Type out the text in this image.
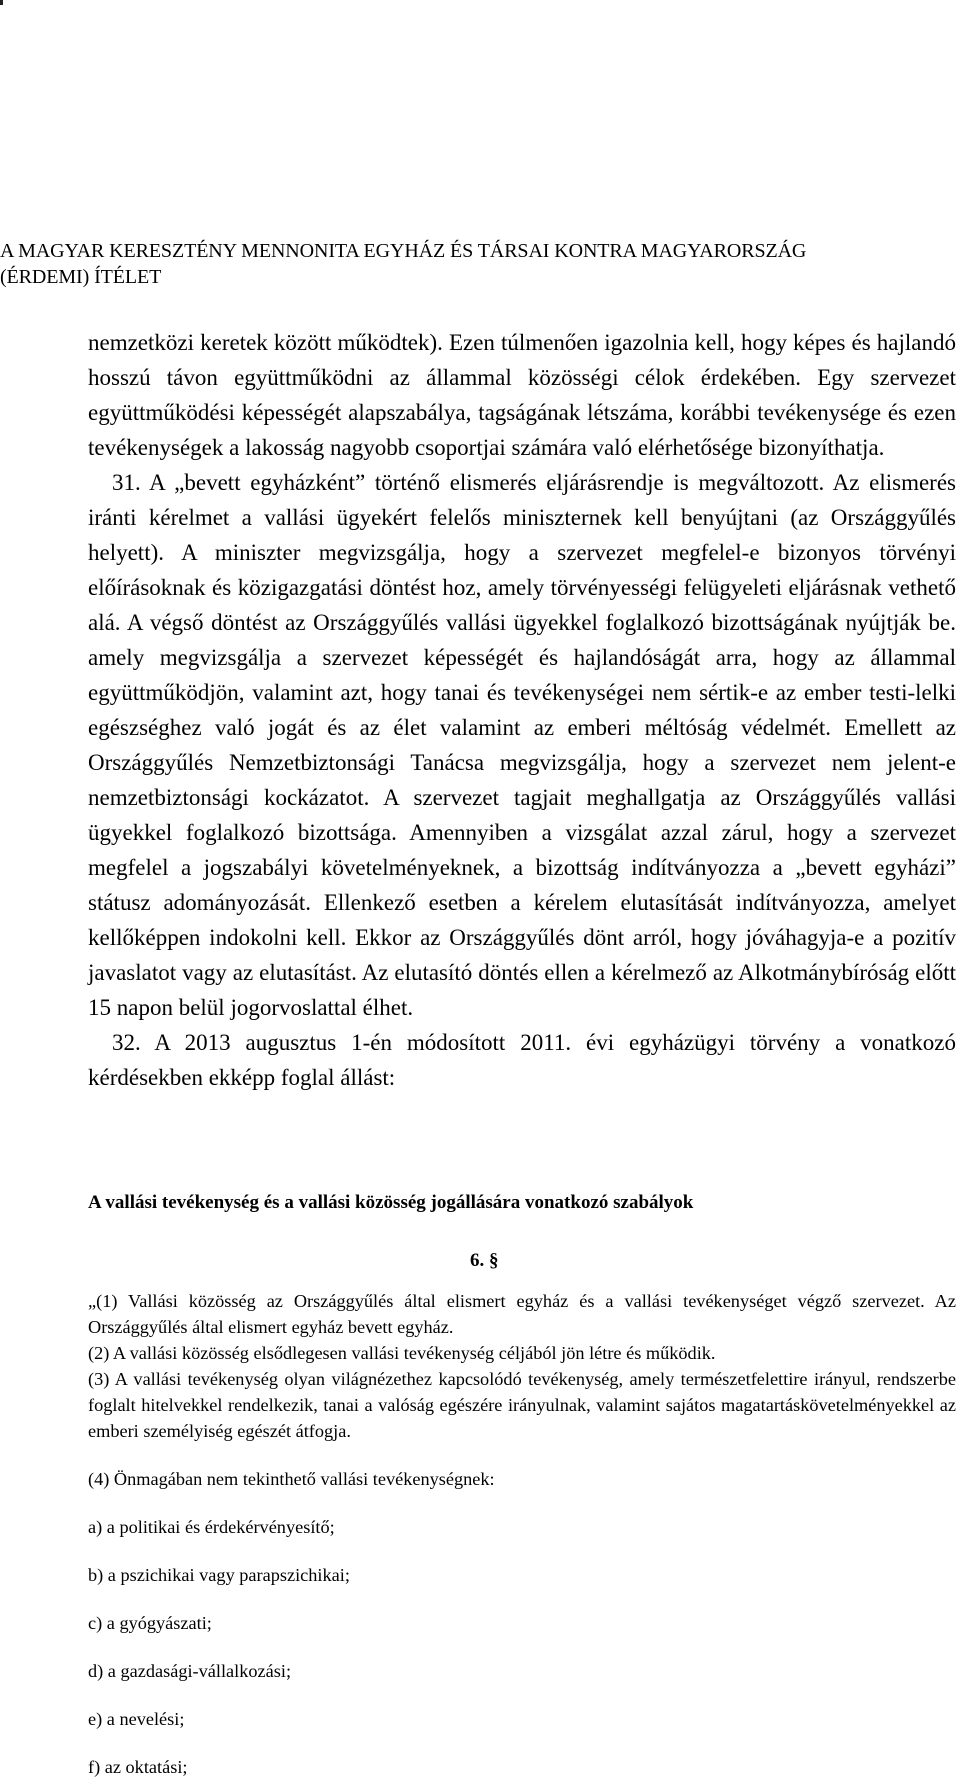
A MAGYAR KERESZTÉNY MENNONITA EGYHÁZ ÉS TÁRSAI KONTRA MAGYARORSZÁG
(ÉRDEMI) ÍTÉLET

nemzetközi keretek között működtek). Ezen túlmenően igazolnia kell, hogy képes és hajlandó hosszú távon együttműködni az állammal közösségi célok érdekében. Egy szervezet együttműködési képességét alapszabálya, tagságának létszáma, korábbi tevékenysége és ezen tevékenységek a lakosság nagyobb csoportjai számára való elérhetősége bizonyíthatja.

31. A „bevett egyházként” történő elismerés eljárásrendje is megváltozott. Az elismerés iránti kérelmet a vallási ügyekért felelős miniszternek kell benyújtani (az Országgyűlés helyett). A miniszter megvizsgálja, hogy a szervezet megfelel-e bizonyos törvényi előírásoknak és közigazgatási döntést hoz, amely törvényességi felügyeleti eljárásnak vethető alá. A végső döntést az Országgyűlés vallási ügyekkel foglalkozó bizottságának nyújtják be. amely megvizsgálja a szervezet képességét és hajlandóságát arra, hogy az állammal együttműködjön, valamint azt, hogy tanai és tevékenységei nem sértik-e az ember testi-lelki egészséghez való jogát és az élet valamint az emberi méltóság védelmét. Emellett az Országgyűlés Nemzetbiztonsági Tanácsa megvizsgálja, hogy a szervezet nem jelent-e nemzetbiztonsági kockázatot. A szervezet tagjait meghallgatja az Országgyűlés vallási ügyekkel foglalkozó bizottsága. Amennyiben a vizsgálat azzal zárul, hogy a szervezet megfelel a jogszabályi követelményeknek, a bizottság indítványozza a „bevett egyházi” státusz adományozását. Ellenkező esetben a kérelem elutasítását indítványozza, amelyet kellőképpen indokolni kell. Ekkor az Országgyűlés dönt arról, hogy jóváhagyja-e a pozitív javaslatot vagy az elutasítást. Az elutasító döntés ellen a kérelmező az Alkotmánybíróság előtt 15 napon belül jogorvoslattal élhet.

32. A 2013 augusztus 1-én módosított 2011. évi egyházügyi törvény a vonatkozó kérdésekben ekképp foglal állást:

A vallási tevékenység és a vallási közösség jogállására vonatkozó szabályok
6. §

„(1) Vallási közösség az Országgyűlés által elismert egyház és a vallási tevékenységet végző szervezet. Az Országgyűlés által elismert egyház bevett egyház.

(2) A vallási közösség elsődlegesen vallási tevékenység céljából jön létre és működik.

(3) A vallási tevékenység olyan világnézethez kapcsolódó tevékenység, amely természetfelettire irányul, rendszerbe foglalt hitelvekkel rendelkezik, tanai a valóság egészére irányulnak, valamint sajátos magatartáskövetelményekkel az emberi személyiség egészét átfogja.

(4) Önmagában nem tekinthető vallási tevékenységnek:

a) a politikai és érdekérvényesítő;

b) a pszichikai vagy parapszichikai;

c) a gyógyászati;

d) a gazdasági-vállalkozási;

e) a nevelési;

f) az oktatási;
